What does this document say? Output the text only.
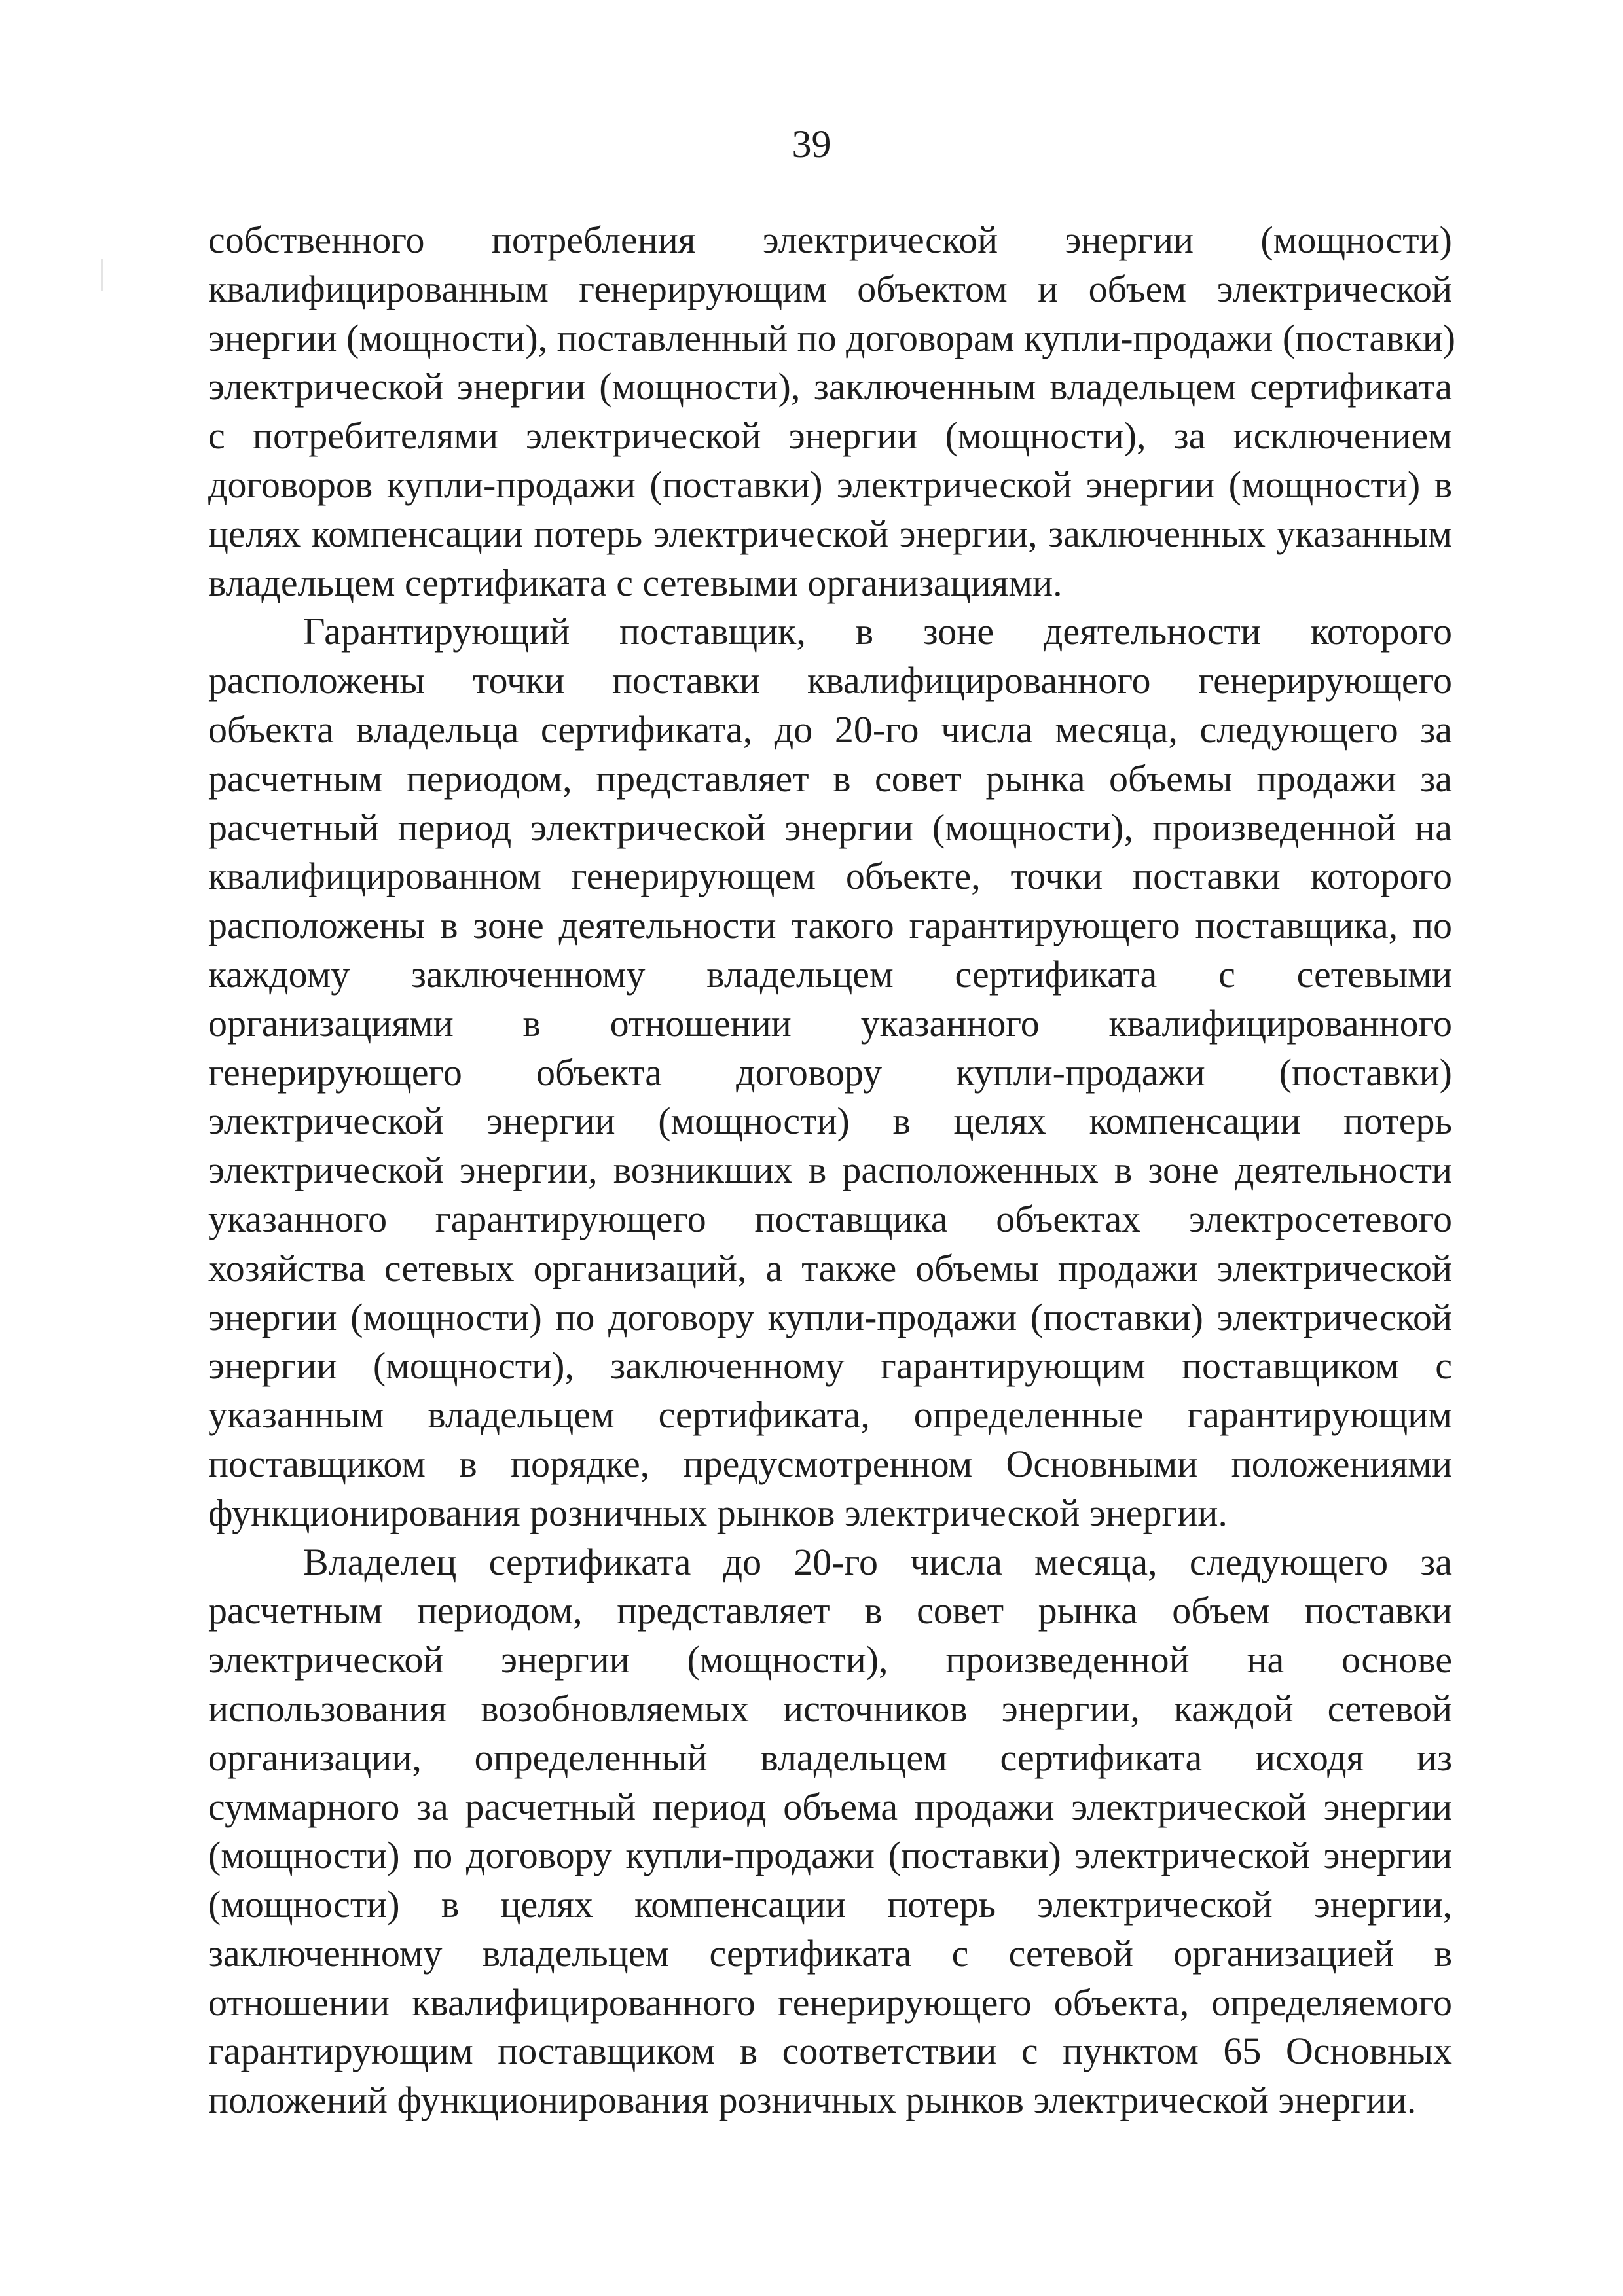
39

собственного потребления электрической энергии (мощности)
квалифицированным генерирующим объектом и объем электрической
энергии (мощности), поставленный по договорам купли-продажи (поставки)
электрической энергии (мощности), заключенным владельцем сертификата
с потребителями электрической энергии (мощности), за исключением
договоров купли-продажи (поставки) электрической энергии (мощности) в
целях компенсации потерь электрической энергии, заключенных указанным
владельцем сертификата с сетевыми организациями.

Гарантирующий поставщик, в зоне деятельности которого
расположены точки поставки квалифицированного генерирующего
объекта владельца сертификата, до 20-го числа месяца, следующего за
расчетным периодом, представляет в совет рынка объемы продажи за
расчетный период электрической энергии (мощности), произведенной на
квалифицированном генерирующем объекте, точки поставки которого
расположены в зоне деятельности такого гарантирующего поставщика, по
каждому заключенному владельцем сертификата с сетевыми
организациями в отношении указанного квалифицированного
генерирующего объекта договору купли-продажи (поставки)
электрической энергии (мощности) в целях компенсации потерь
электрической энергии, возникших в расположенных в зоне деятельности
указанного гарантирующего поставщика объектах электросетевого
хозяйства сетевых организаций, а также объемы продажи электрической
энергии (мощности) по договору купли-продажи (поставки) электрической
энергии (мощности), заключенному гарантирующим поставщиком с
указанным владельцем сертификата, определенные гарантирующим
поставщиком в порядке, предусмотренном Основными положениями
функционирования розничных рынков электрической энергии.

Владелец сертификата до 20-го числа месяца, следующего за
расчетным периодом, представляет в совет рынка объем поставки
электрической энергии (мощности), произведенной на основе
использования возобновляемых источников энергии, каждой сетевой
организации, определенный владельцем сертификата исходя из
суммарного за расчетный период объема продажи электрической энергии
(мощности) по договору купли-продажи (поставки) электрической энергии
(мощности) в целях компенсации потерь электрической энергии,
заключенному владельцем сертификата с сетевой организацией в
отношении квалифицированного генерирующего объекта, определяемого
гарантирующим поставщиком в соответствии с пунктом 65 Основных
положений функционирования розничных рынков электрической энергии.
